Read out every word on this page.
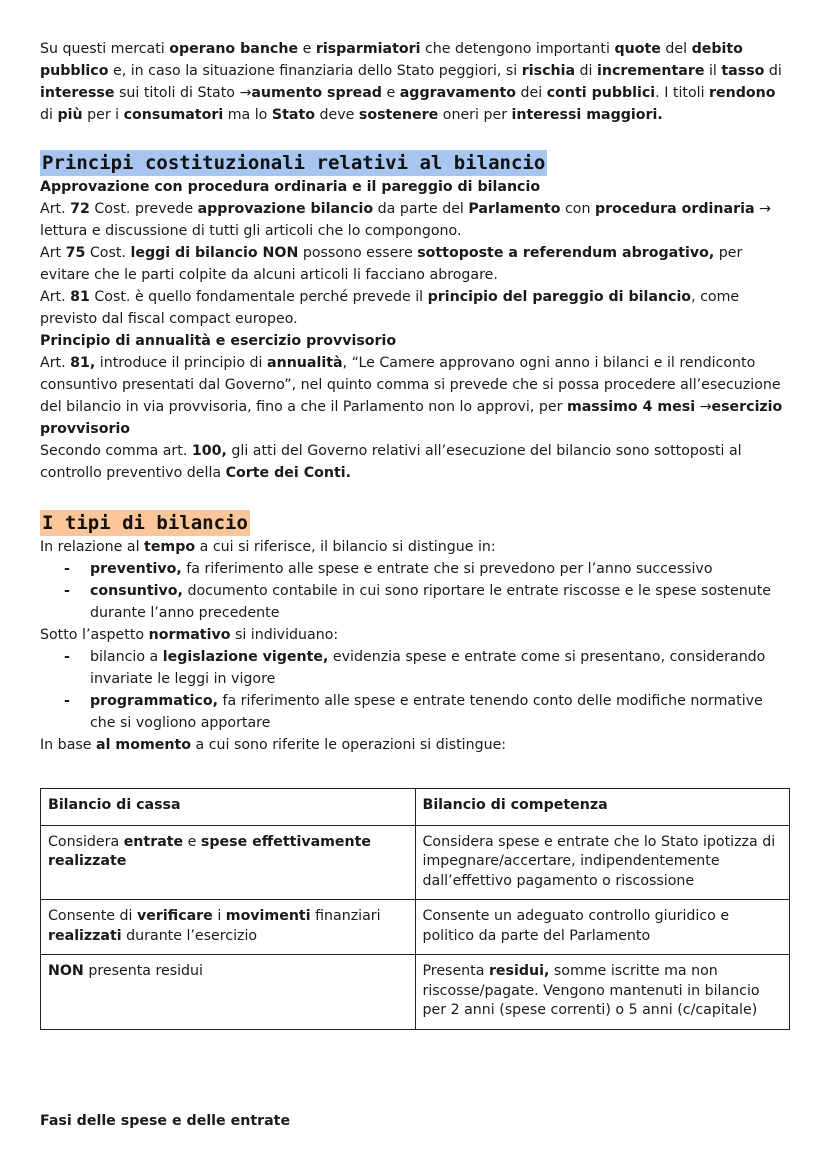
Su questi mercati operano banche e risparmiatori che detengono importanti quote del debito pubblico e, in caso la situazione finanziaria dello Stato peggiori, si rischia di incrementare il tasso di interesse sui titoli di Stato →aumento spread e aggravamento dei conti pubblici. I titoli rendono di più per i consumatori ma lo Stato deve sostenere oneri per interessi maggiori.

Principi costituzionali relativi al bilancio

Approvazione con procedura ordinaria e il pareggio di bilancio

Art. 72 Cost. prevede approvazione bilancio da parte del Parlamento con procedura ordinaria → lettura e discussione di tutti gli articoli che lo compongono.

Art 75 Cost. leggi di bilancio NON possono essere sottoposte a referendum abrogativo, per evitare che le parti colpite da alcuni articoli li facciano abrogare.

Art. 81 Cost. è quello fondamentale perché prevede il principio del pareggio di bilancio, come previsto dal fiscal compact europeo.

Principio di annualità e esercizio provvisorio

Art. 81, introduce il principio di annualità, “Le Camere approvano ogni anno i bilanci e il rendiconto consuntivo presentati dal Governo”, nel quinto comma si prevede che si possa procedere all’esecuzione del bilancio in via provvisoria, fino a che il Parlamento non lo approvi, per massimo 4 mesi →esercizio provvisorio

Secondo comma art. 100, gli atti del Governo relativi all’esecuzione del bilancio sono sottoposti al controllo preventivo della Corte dei Conti.

I tipi di bilancio

In relazione al tempo a cui si riferisce, il bilancio si distingue in:

- preventivo, fa riferimento alle spese e entrate che si prevedono per l’anno successivo
- consuntivo, documento contabile in cui sono riportare le entrate riscosse e le spese sostenute durante l’anno precedente

Sotto l’aspetto normativo si individuano:

- bilancio a legislazione vigente, evidenzia spese e entrate come si presentano, considerando invariate le leggi in vigore
- programmatico, fa riferimento alle spese e entrate tenendo conto delle modifiche normative che si vogliono apportare

In base al momento a cui sono riferite le operazioni si distingue:

Bilancio di cassa	Bilancio di competenza
Considera entrate e spese effettivamente realizzate	Considera spese e entrate che lo Stato ipotizza di impegnare/accertare, indipendentemente dall’effettivo pagamento o riscossione
Consente di verificare i movimenti finanziari realizzati durante l’esercizio	Consente un adeguato controllo giuridico e politico da parte del Parlamento
NON presenta residui	Presenta residui, somme iscritte ma non riscosse/pagate. Vengono mantenuti in bilancio per 2 anni (spese correnti) o 5 anni (c/capitale)

Fasi delle spese e delle entrate
